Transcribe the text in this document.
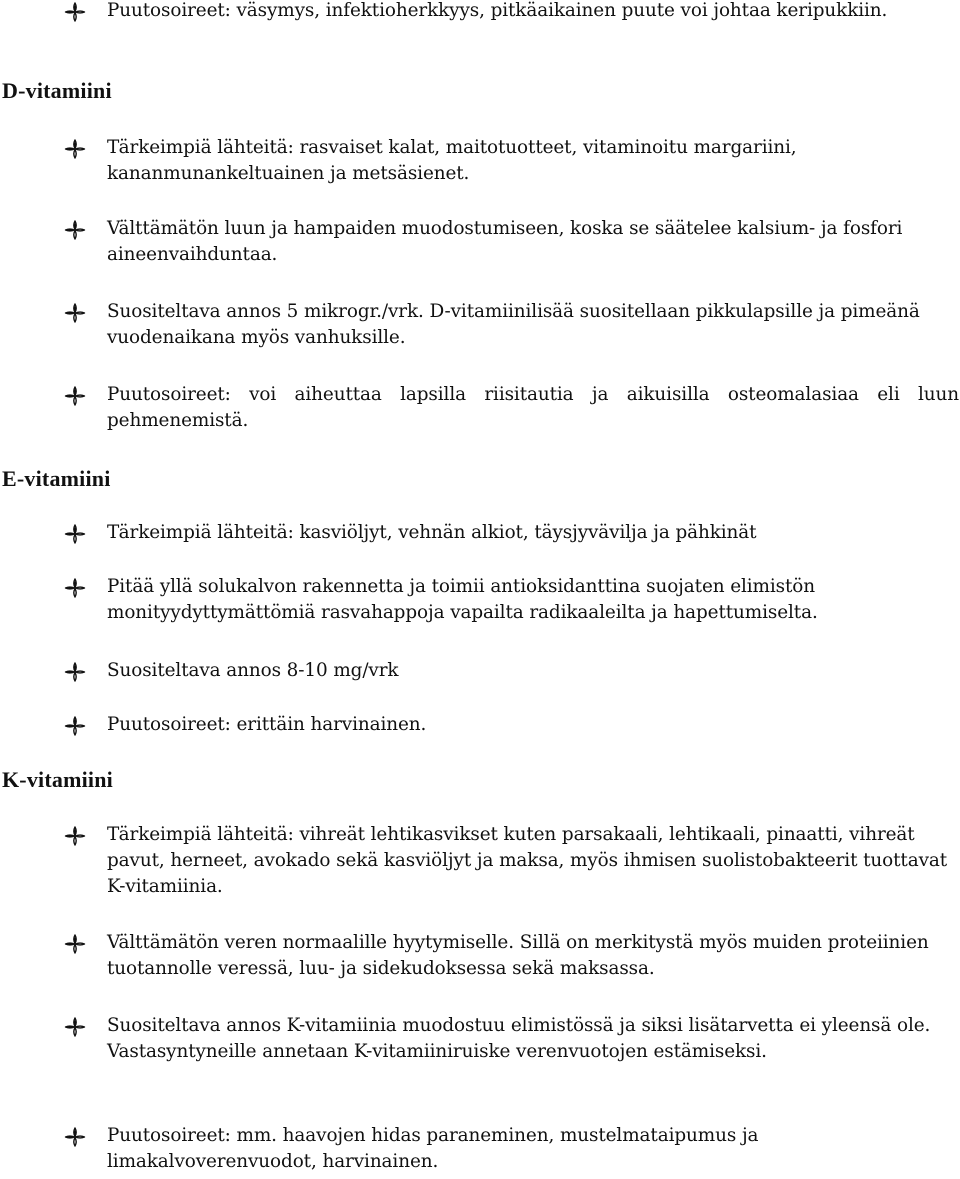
Puutosoireet: väsymys, infektioherkkyys, pitkäaikainen puute voi johtaa keripukkiin.
D-vitamiini
Tärkeimpiä lähteitä: rasvaiset kalat, maitotuotteet, vitaminoitu margariini, kananmunankeltuainen ja metsäsienet.
Välttämätön luun ja hampaiden muodostumiseen, koska se säätelee kalsium- ja fosfori aineenvaihduntaa.
Suositeltava annos 5 mikrogr./vrk. D-vitamiinilisää suositellaan pikkulapsille ja pimeänä vuodenaikana myös vanhuksille.
Puutosoireet: voi aiheuttaa lapsilla riisitautia ja aikuisilla osteomalasiaa eli luun pehmenemistä.
E-vitamiini
Tärkeimpiä lähteitä: kasviöljyt, vehnän alkiot, täysjyvävilja ja pähkinät
Pitää yllä solukalvon rakennetta ja toimii antioksidanttina suojaten elimistön monityydyttymättömiä rasvahappoja vapailta radikaaleilta ja hapettumiselta.
Suositeltava annos 8-10 mg/vrk
Puutosoireet: erittäin harvinainen.
K-vitamiini
Tärkeimpiä lähteitä: vihreät lehtikasvikset kuten parsakaali, lehtikaali, pinaatti, vihreät pavut, herneet, avokado sekä kasviöljyt ja maksa, myös ihmisen suolistobakteerit tuottavat K-vitamiinia.
Välttämätön veren normaalille hyytymiselle. Sillä on merkitystä myös muiden proteiinien tuotannolle veressä, luu- ja sidekudoksessa sekä maksassa.
Suositeltava annos K-vitamiinia muodostuu elimistössä ja siksi lisätarvetta ei yleensä ole. Vastasyntyneille annetaan K-vitamiiniruiske verenvuotojen estämiseksi.
Puutosoireet: mm. haavojen hidas paraneminen, mustelmataipumus ja limakalvoverenvuodot, harvinainen.
